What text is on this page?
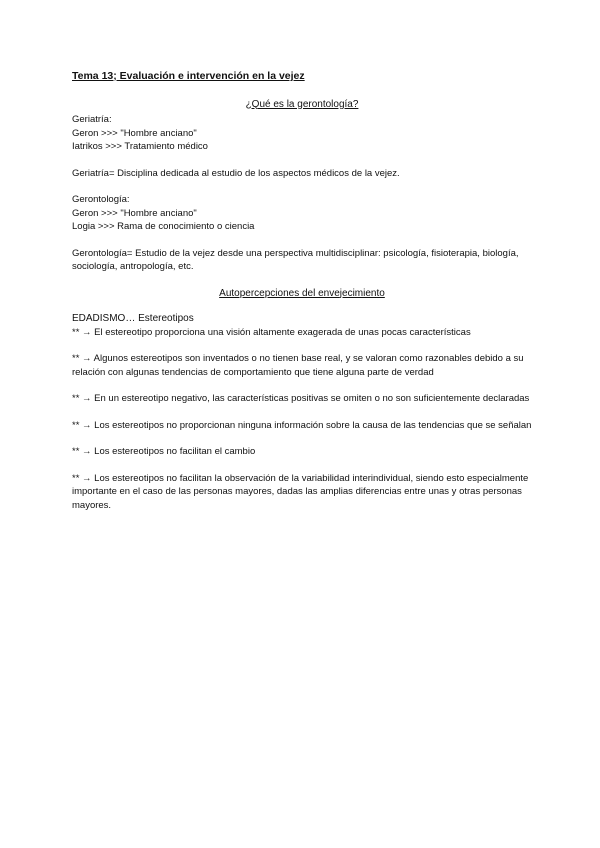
Tema 13; Evaluación e intervención en la vejez
¿Qué es la gerontología?
Geriatría:
Geron >>> "Hombre anciano"
Iatrikos >>> Tratamiento médico
Geriatría= Disciplina dedicada al estudio de los aspectos médicos de la vejez.
Gerontología:
Geron >>> "Hombre anciano"
Logia >>> Rama de conocimiento o ciencia
Gerontología= Estudio de la vejez desde una perspectiva multidisciplinar: psicología, fisioterapia, biología, sociología, antropología, etc.
Autopercepciones del envejecimiento
EDADISMO… Estereotipos
** → El estereotipo proporciona una visión altamente exagerada de unas pocas características
** → Algunos estereotipos son inventados o no tienen base real, y se valoran como razonables debido a su relación con algunas tendencias de comportamiento que tiene alguna parte de verdad
** → En un estereotipo negativo, las características positivas se omiten o no son suficientemente declaradas
** → Los estereotipos no proporcionan ninguna información sobre la causa de las tendencias que se señalan
** → Los estereotipos no facilitan el cambio
** → Los estereotipos no facilitan la observación de la variabilidad interindividual, siendo esto especialmente importante en el caso de las personas mayores, dadas las amplias diferencias entre unas y otras personas mayores.
